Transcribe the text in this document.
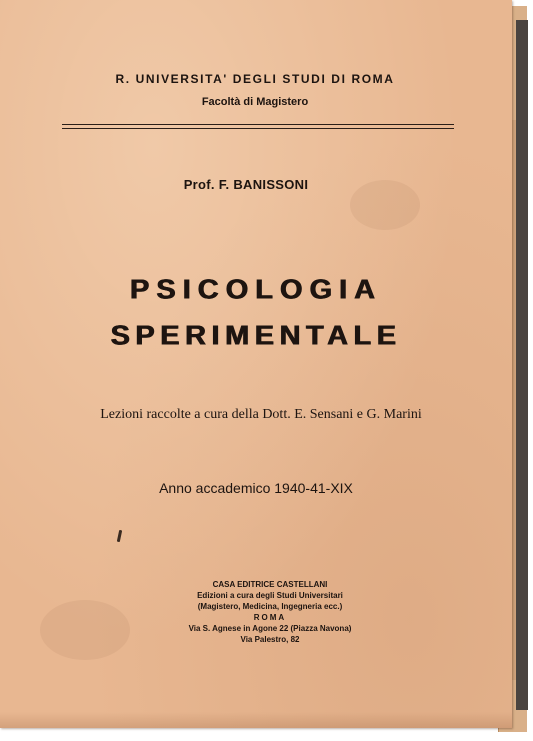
R. UNIVERSITA' DEGLI STUDI DI ROMA
Facoltà di Magistero
Prof. F. BANISSONI
PSICOLOGIA
SPERIMENTALE
Lezioni raccolte a cura della Dott. E. Sensani e G. Marini
Anno accademico 1940-41-XIX
CASA EDITRICE CASTELLANI
Edizioni a cura degli Studi Universitari
(Magistero, Medicina, Ingegneria ecc.)
ROMA
Via S. Agnese in Agone 22 (Piazza Navona)
Via Palestro, 82
